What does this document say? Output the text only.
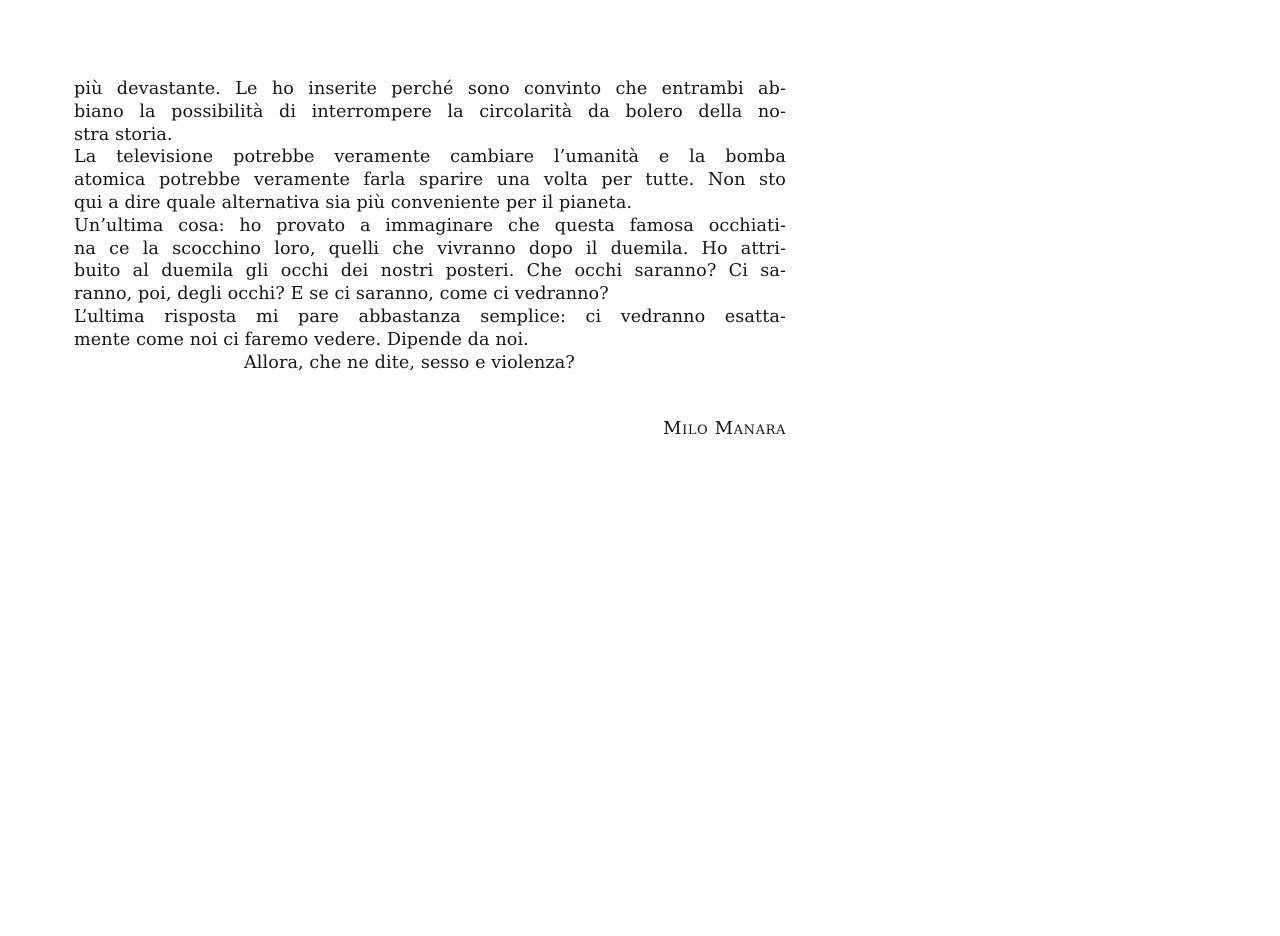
più devastante. Le ho inserite perché sono convinto che entrambi ab-
biano la possibilità di interrompere la circolarità da bolero della no-
stra storia.
La televisione potrebbe veramente cambiare l’umanità e la bomba
atomica potrebbe veramente farla sparire una volta per tutte. Non sto
qui a dire quale alternativa sia più conveniente per il pianeta.
Un’ultima cosa: ho provato a immaginare che questa famosa occhiati-
na ce la scocchino loro, quelli che vivranno dopo il duemila. Ho attri-
buito al duemila gli occhi dei nostri posteri. Che occhi saranno? Ci sa-
ranno, poi, degli occhi? E se ci saranno, come ci vedranno?
L’ultima risposta mi pare abbastanza semplice: ci vedranno esatta-
mente come noi ci faremo vedere. Dipende da noi.
Allora, che ne dite, sesso e violenza?
Milo Manara
